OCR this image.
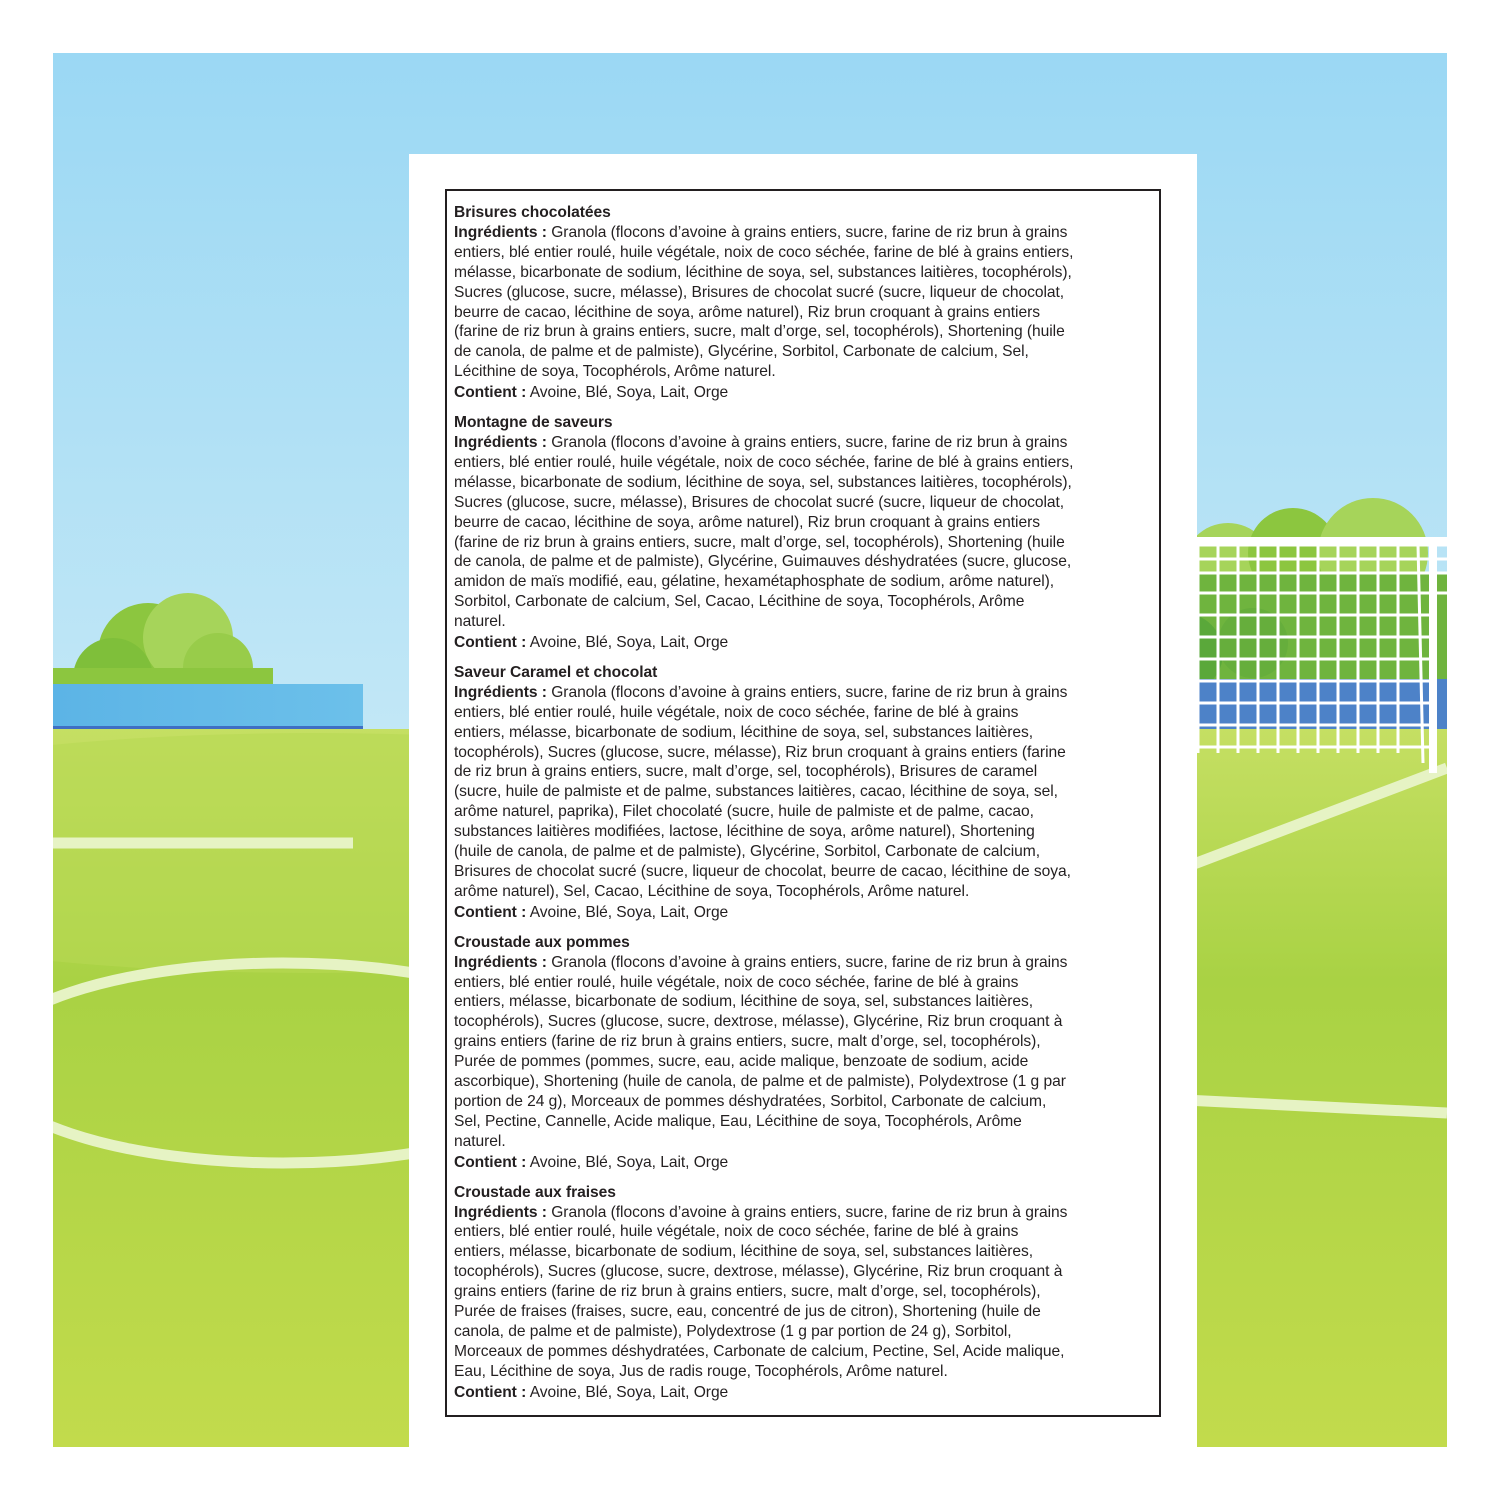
Brisures chocolatées
Ingrédients : Granola (flocons d’avoine à grains entiers, sucre, farine de riz brun à grains
entiers, blé entier roulé, huile végétale, noix de coco séchée, farine de blé à grains entiers,
mélasse, bicarbonate de sodium, lécithine de soya, sel, substances laitières, tocophérols),
Sucres (glucose, sucre, mélasse), Brisures de chocolat sucré (sucre, liqueur de chocolat,
beurre de cacao, lécithine de soya, arôme naturel), Riz brun croquant à grains entiers
(farine de riz brun à grains entiers, sucre, malt d’orge, sel, tocophérols), Shortening (huile
de canola, de palme et de palmiste), Glycérine, Sorbitol, Carbonate de calcium, Sel,
Lécithine de soya, Tocophérols, Arôme naturel.
Contient : Avoine, Blé, Soya, Lait, Orge
Montagne de saveurs
Ingrédients : Granola (flocons d’avoine à grains entiers, sucre, farine de riz brun à grains
entiers, blé entier roulé, huile végétale, noix de coco séchée, farine de blé à grains entiers,
mélasse, bicarbonate de sodium, lécithine de soya, sel, substances laitières, tocophérols),
Sucres (glucose, sucre, mélasse), Brisures de chocolat sucré (sucre, liqueur de chocolat,
beurre de cacao, lécithine de soya, arôme naturel), Riz brun croquant à grains entiers
(farine de riz brun à grains entiers, sucre, malt d’orge, sel, tocophérols), Shortening (huile
de canola, de palme et de palmiste), Glycérine, Guimauves déshydratées (sucre, glucose,
amidon de maïs modifié, eau, gélatine, hexamétaphosphate de sodium, arôme naturel),
Sorbitol, Carbonate de calcium, Sel, Cacao, Lécithine de soya, Tocophérols, Arôme
naturel.
Contient : Avoine, Blé, Soya, Lait, Orge
Saveur Caramel et chocolat
Ingrédients : Granola (flocons d’avoine à grains entiers, sucre, farine de riz brun à grains
entiers, blé entier roulé, huile végétale, noix de coco séchée, farine de blé à grains
entiers, mélasse, bicarbonate de sodium, lécithine de soya, sel, substances laitières,
tocophérols), Sucres (glucose, sucre, mélasse), Riz brun croquant à grains entiers (farine
de riz brun à grains entiers, sucre, malt d’orge, sel, tocophérols), Brisures de caramel
(sucre, huile de palmiste et de palme, substances laitières, cacao, lécithine de soya, sel,
arôme naturel, paprika), Filet chocolaté (sucre, huile de palmiste et de palme, cacao,
substances laitières modifiées, lactose, lécithine de soya, arôme naturel), Shortening
(huile de canola, de palme et de palmiste), Glycérine, Sorbitol, Carbonate de calcium,
Brisures de chocolat sucré (sucre, liqueur de chocolat, beurre de cacao, lécithine de soya,
arôme naturel), Sel, Cacao, Lécithine de soya, Tocophérols, Arôme naturel.
Contient : Avoine, Blé, Soya, Lait, Orge
Croustade aux pommes
Ingrédients : Granola (flocons d’avoine à grains entiers, sucre, farine de riz brun à grains
entiers, blé entier roulé, huile végétale, noix de coco séchée, farine de blé à grains
entiers, mélasse, bicarbonate de sodium, lécithine de soya, sel, substances laitières,
tocophérols), Sucres (glucose, sucre, dextrose, mélasse), Glycérine, Riz brun croquant à
grains entiers (farine de riz brun à grains entiers, sucre, malt d’orge, sel, tocophérols),
Purée de pommes (pommes, sucre, eau, acide malique, benzoate de sodium, acide
ascorbique), Shortening (huile de canola, de palme et de palmiste), Polydextrose (1 g par
portion de 24 g), Morceaux de pommes déshydratées, Sorbitol, Carbonate de calcium,
Sel, Pectine, Cannelle, Acide malique, Eau, Lécithine de soya, Tocophérols, Arôme
naturel.
Contient : Avoine, Blé, Soya, Lait, Orge
Croustade aux fraises
Ingrédients : Granola (flocons d’avoine à grains entiers, sucre, farine de riz brun à grains
entiers, blé entier roulé, huile végétale, noix de coco séchée, farine de blé à grains
entiers, mélasse, bicarbonate de sodium, lécithine de soya, sel, substances laitières,
tocophérols), Sucres (glucose, sucre, dextrose, mélasse), Glycérine, Riz brun croquant à
grains entiers (farine de riz brun à grains entiers, sucre, malt d’orge, sel, tocophérols),
Purée de fraises (fraises, sucre, eau, concentré de jus de citron), Shortening (huile de
canola, de palme et de palmiste), Polydextrose (1 g par portion de 24 g), Sorbitol,
Morceaux de pommes déshydratées, Carbonate de calcium, Pectine, Sel, Acide malique,
Eau, Lécithine de soya, Jus de radis rouge, Tocophérols, Arôme naturel.
Contient : Avoine, Blé, Soya, Lait, Orge
